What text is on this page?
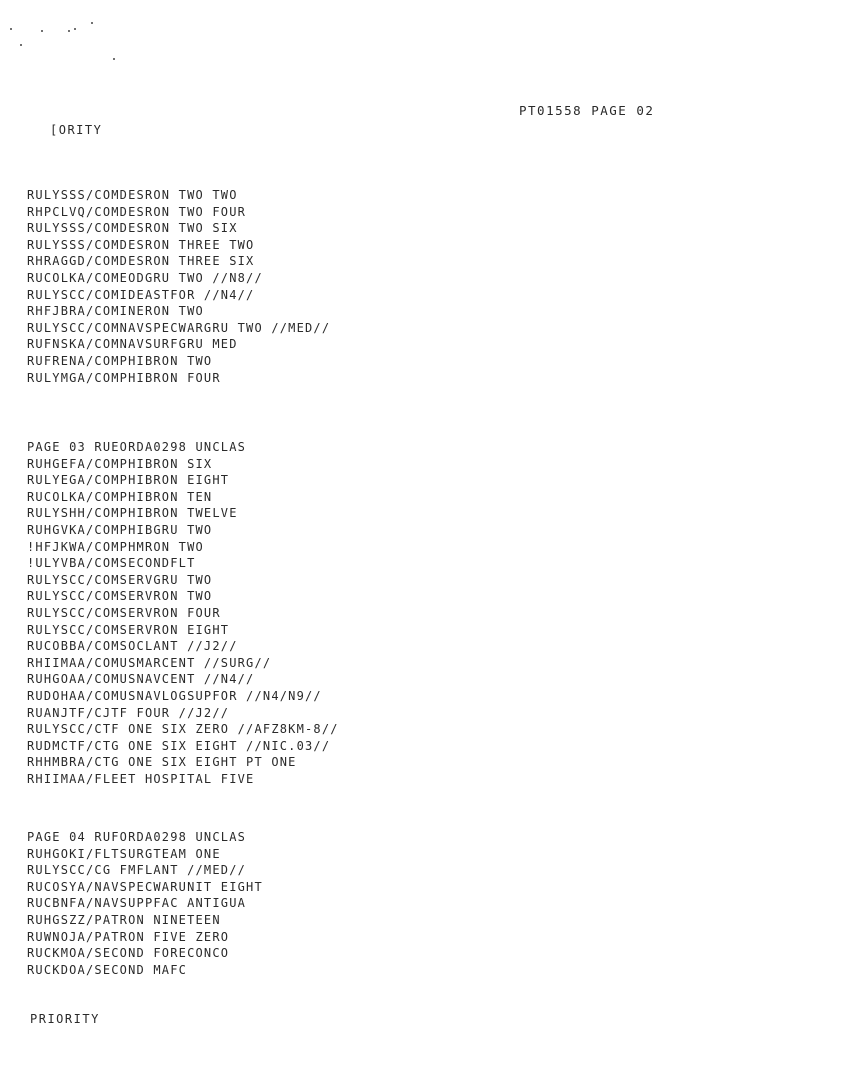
PT01558 PAGE 02
[ORITY
RULYSSS/COMDESRON TWO TWO
RHPCLVQ/COMDESRON TWO FOUR
RULYSSS/COMDESRON TWO SIX
RULYSSS/COMDESRON THREE TWO
RHRAGGD/COMDESRON THREE SIX
RUCOLKA/COMEODGRU TWO //N8//
RULYSCC/COMIDEASTFOR //N4//
RHFJBRA/COMINERON TWO
RULYSCC/COMNAVSPECWARGRU TWO //MED//
RUFNSKA/COMNAVSURFGRU MED
RUFRENA/COMPHIBRON TWO
RULYMGA/COMPHIBRON FOUR
PAGE 03 RUEORDA0298 UNCLAS
RUHGEFA/COMPHIBRON SIX
RULYEGA/COMPHIBRON EIGHT
RUCOLKA/COMPHIBRON TEN
RULYSHH/COMPHIBRON TWELVE
RUHGVKA/COMPHIBGRU TWO
!HFJKWA/COMPHMRON TWO
!ULYVBA/COMSECONDFLT
RULYSCC/COMSERVGRU TWO
RULYSCC/COMSERVRON TWO
RULYSCC/COMSERVRON FOUR
RULYSCC/COMSERVRON EIGHT
RUCOBBA/COMSOCLANT //J2//
RHIIMAA/COMUSMARCENT //SURG//
RUHGOAA/COMUSNAVCENT //N4//
RUDOHAA/COMUSNAVLOGSUPFOR //N4/N9//
RUANJTF/CJTF FOUR //J2//
RULYSCC/CTF ONE SIX ZERO //AFZ8KM-8//
RUDMCTF/CTG ONE SIX EIGHT //NIC.03//
RHHMBRA/CTG ONE SIX EIGHT PT ONE
RHIIMAA/FLEET HOSPITAL FIVE
PAGE 04 RUFORDA0298 UNCLAS
RUHGOKI/FLTSURGTEAM ONE
RULYSCC/CG FMFLANT //MED//
RUCOSYA/NAVSPECWARUNIT EIGHT
RUCBNFA/NAVSUPPFAC ANTIGUA
RUHGSZZ/PATRON NINETEEN
RUWNOJA/PATRON FIVE ZERO
RUCKMOA/SECOND FORECONCO
RUCKDOA/SECOND MAFC
PRIORITY
